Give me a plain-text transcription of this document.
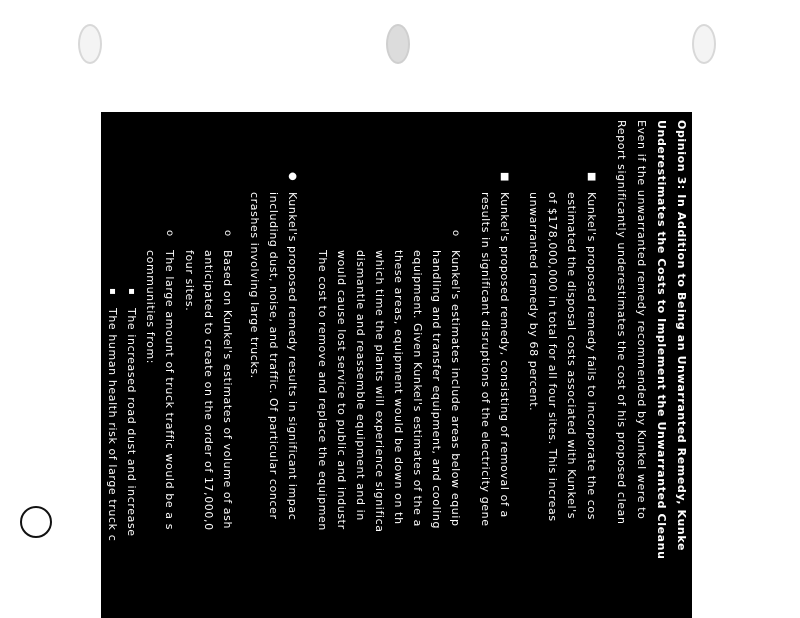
Opinion 3: In Addition to Being an Unwarranted Remedy, Kunke
Underestimates the Costs to Implement the Unwarranted Cleanu
Even if the unwarranted remedy recommended by Kunkel were to
Report significantly underestimates the cost of his proposed clean
■
Kunkel's proposed remedy fails to incorporate the cos
estimated the disposal costs associated with Kunkel's
of $178,000,000 in total for all four sites. This increas
unwarranted remedy by 68 percent.
■
Kunkel's proposed remedy, consisting of removal of a
results in significant disruptions of the electricity gene
o
Kunkel's estimates include areas below equip
handling and transfer equipment, and cooling
equipment. Given Kunkel's estimates of the a
these areas, equipment would be down on th
which time the plants will experience significa
dismantle and reassemble equipment and in
would cause lost service to public and industr
The cost to remove and replace the equipmen
●
Kunkel's proposed remedy results in significant impac
including dust, noise, and traffic. Of particular concer
crashes involving large trucks.
o
Based on Kunkel's estimates of volume of ash
anticipated to create on the order of 17,000,0
four sites.
o
The large amount of truck traffic would be a s
communities from:
▪
The increased road dust and increase
▪
The human health risk of large truck c
miles). Based on the above mileage a
Kunkel's proposed remedy is on the o
based on large traffic crashes alone.
